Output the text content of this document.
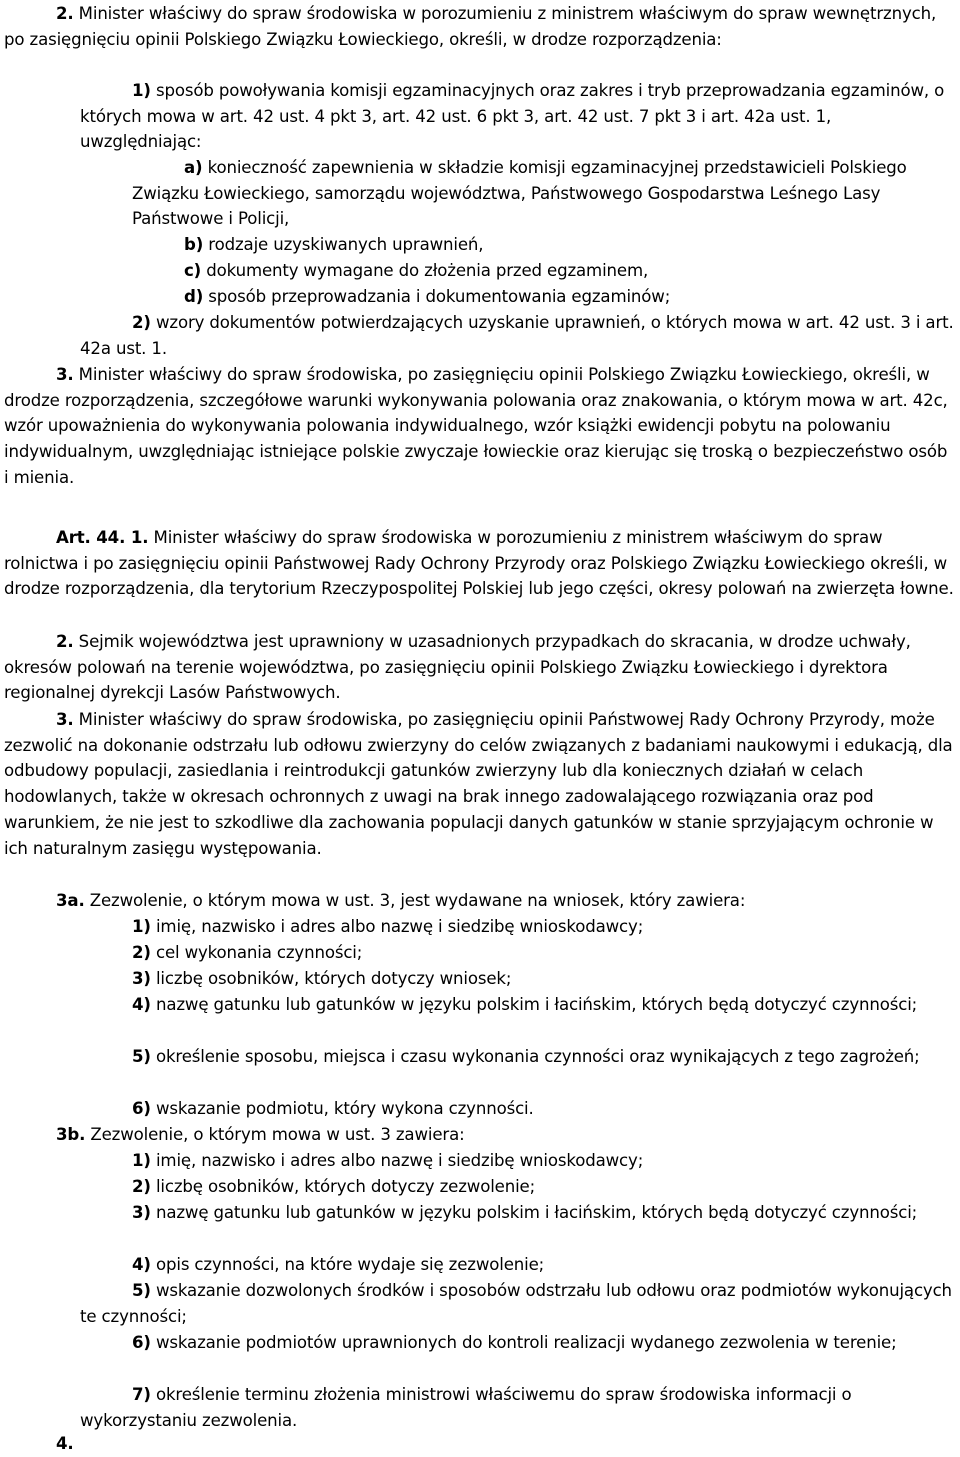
2. Minister właściwy do spraw środowiska w porozumieniu z ministrem właściwym do spraw wewnętrznych, po zasięgnięciu opinii Polskiego Związku Łowieckiego, określi, w drodze rozporządzenia:

1) sposób powoływania komisji egzaminacyjnych oraz zakres i tryb przeprowadzania egzaminów, o których mowa w art. 42 ust. 4 pkt 3, art. 42 ust. 6 pkt 3, art. 42 ust. 7 pkt 3 i art. 42a ust. 1, uwzględniając:

a) konieczność zapewnienia w składzie komisji egzaminacyjnej przedstawicieli Polskiego Związku Łowieckiego, samorządu województwa, Państwowego Gospodarstwa Leśnego Lasy Państwowe i Policji,

b) rodzaje uzyskiwanych uprawnień,

c) dokumenty wymagane do złożenia przed egzaminem,

d) sposób przeprowadzania i dokumentowania egzaminów;

2) wzory dokumentów potwierdzających uzyskanie uprawnień, o których mowa w art. 42 ust. 3 i art. 42a ust. 1.

3. Minister właściwy do spraw środowiska, po zasięgnięciu opinii Polskiego Związku Łowieckiego, określi, w drodze rozporządzenia, szczegółowe warunki wykonywania polowania oraz znakowania, o którym mowa w art. 42c, wzór upoważnienia do wykonywania polowania indywidualnego, wzór książki ewidencji pobytu na polowaniu indywidualnym, uwzględniając istniejące polskie zwyczaje łowieckie oraz kierując się troską o bezpieczeństwo osób i mienia.

Art. 44. 1. Minister właściwy do spraw środowiska w porozumieniu z ministrem właściwym do spraw rolnictwa i po zasięgnięciu opinii Państwowej Rady Ochrony Przyrody oraz Polskiego Związku Łowieckiego określi, w drodze rozporządzenia, dla terytorium Rzeczypospolitej Polskiej lub jego części, okresy polowań na zwierzęta łowne.

2. Sejmik województwa jest uprawniony w uzasadnionych przypadkach do skracania, w drodze uchwały, okresów polowań na terenie województwa, po zasięgnięciu opinii Polskiego Związku Łowieckiego i dyrektora regionalnej dyrekcji Lasów Państwowych.

3. Minister właściwy do spraw środowiska, po zasięgnięciu opinii Państwowej Rady Ochrony Przyrody, może zezwolić na dokonanie odstrzału lub odłowu zwierzyny do celów związanych z badaniami naukowymi i edukacją, dla odbudowy populacji, zasiedlania i reintrodukcji gatunków zwierzyny lub dla koniecznych działań w celach hodowlanych, także w okresach ochronnych z uwagi na brak innego zadowalającego rozwiązania oraz pod warunkiem, że nie jest to szkodliwe dla zachowania populacji danych gatunków w stanie sprzyjającym ochronie w ich naturalnym zasięgu występowania.

3a. Zezwolenie, o którym mowa w ust. 3, jest wydawane na wniosek, który zawiera:

1) imię, nazwisko i adres albo nazwę i siedzibę wnioskodawcy;

2) cel wykonania czynności;

3) liczbę osobników, których dotyczy wniosek;

4) nazwę gatunku lub gatunków w języku polskim i łacińskim, których będą dotyczyć czynności;

5) określenie sposobu, miejsca i czasu wykonania czynności oraz wynikających z tego zagrożeń;

6) wskazanie podmiotu, który wykona czynności.

3b. Zezwolenie, o którym mowa w ust. 3 zawiera:

1) imię, nazwisko i adres albo nazwę i siedzibę wnioskodawcy;

2) liczbę osobników, których dotyczy zezwolenie;

3) nazwę gatunku lub gatunków w języku polskim i łacińskim, których będą dotyczyć czynności;

4) opis czynności, na które wydaje się zezwolenie;

5) wskazanie dozwolonych środków i sposobów odstrzału lub odłowu oraz podmiotów wykonujących te czynności;

6) wskazanie podmiotów uprawnionych do kontroli realizacji wydanego zezwolenia w terenie;

7) określenie terminu złożenia ministrowi właściwemu do spraw środowiska informacji o wykorzystaniu zezwolenia.

4.
